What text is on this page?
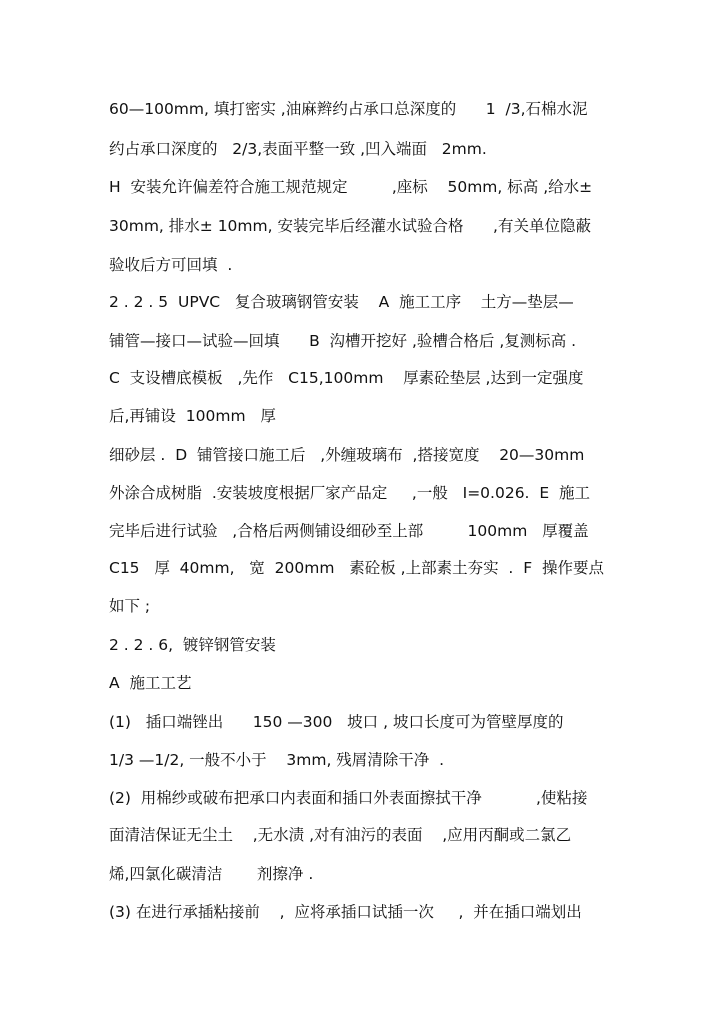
60—100mm, 填打密实 ,油麻辫约占承口总深度的      1  /3,石棉水泥
约占承口深度的   2/3,表面平整一致 ,凹入端面   2mm.
H  安装允许偏差符合施工规范规定         ,座标    50mm, 标高 ,给水±
30mm, 排水± 10mm, 安装完毕后经灌水试验合格      ,有关单位隐蔽
验收后方可回填  .
2 . 2 . 5  UPVC   复合玻璃钢管安装    A  施工工序    土方—垫层—
铺管—接口—试验—回填      B  沟槽开挖好 ,验槽合格后 ,复测标高 .
C  支设槽底模板   ,先作   C15,100mm    厚素砼垫层 ,达到一定强度
后,再铺设  100mm   厚
细砂层 .  D  铺管接口施工后   ,外缠玻璃布  ,搭接宽度    20—30mm
外涂合成树脂  .安装坡度根据厂家产品定     ,一般   I=0.026.  E  施工
完毕后进行试验   ,合格后两侧铺设细砂至上部         100mm   厚覆盖
C15   厚  40mm,   宽  200mm   素砼板 ,上部素土夯实  .  F  操作要点
如下 ;
2 . 2 . 6,  镀锌钢管安装
A  施工工艺
(1)   插口端锉出      150 —300   坡口 , 坡口长度可为管壁厚度的
1/3 —1/2, 一般不小于    3mm, 残屑清除干净  .
(2)  用棉纱或破布把承口内表面和插口外表面擦拭干净           ,使粘接
面清洁保证无尘土    ,无水渍 ,对有油污的表面    ,应用丙酮或二氯乙
烯,四氯化碳清洁       剂擦净 .
(3) 在进行承插粘接前    ,  应将承插口试插一次     ,  并在插口端划出
